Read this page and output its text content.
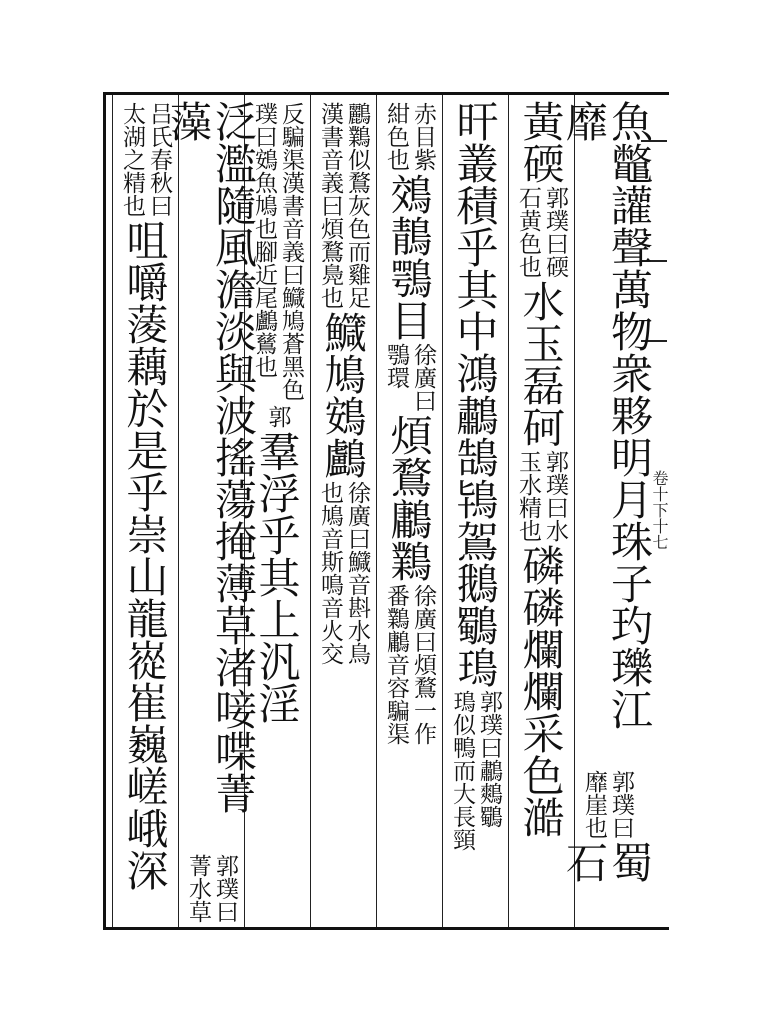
卷十下十七
魚鼈讙聲萬物衆夥明月珠子玓瓅江靡
郭璞曰
靡崖也
蜀石
黃碝
郭璞曰碝
石黄色也
水玉磊砢
郭璞曰水
玉水精也
磷磷爛爛采色澔
旰叢積乎其中鴻鷫鵠鴇鴐鵝鸀鳿
郭璞曰鷫鷞鸀
鳿似鴨而大長頸
赤目紫
紺色也
鵁鶄鶚目
徐廣曰
鶚環
煩鶩鷛鸈
徐廣曰煩鶩一作
番鸈鷛音容騙渠
鸝鸈似鶩灰色而雞足
漢書音義曰煩鶩鳧也
鱵鳩鴳鸕
徐廣曰鱵音斟水鳥
也鳩音斯鳴音火交
反騙渠漢書音義曰鱵鳩蒼黑色
璞曰鴳魚鳩也腳近尾鸕鶿也
郭
羣浮乎其上汎淫
泛濫隨風澹淡與波搖蕩掩薄草渚唼喋菁藻
郭璞曰
菁水草
吕氏春秋曰
太湖之精也
咀嚼蔆藕於是乎崇山龍嵸崔巍嵯峨深
